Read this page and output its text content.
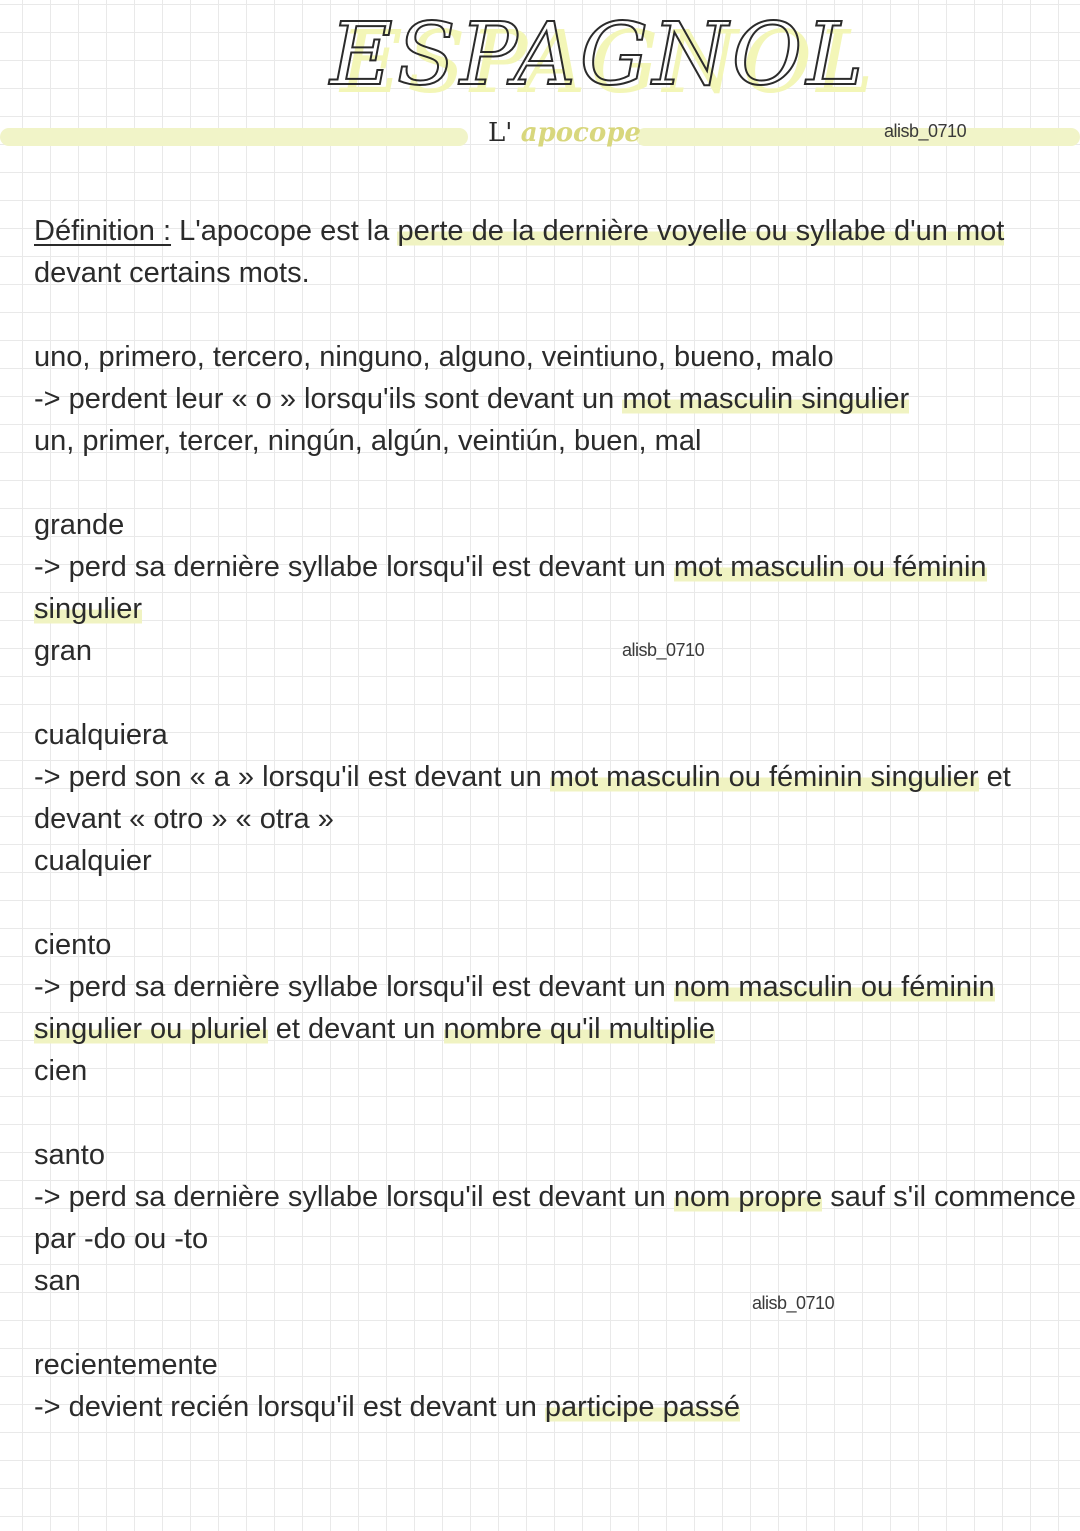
ESPAGNOL
L' apocope	alisb_0710
alisb_0710
alisb_0710
Définition : L'apocope est la perte de la dernière voyelle ou syllabe d'un mot
devant certains mots.
uno, primero, tercero, ninguno, alguno, veintiuno, bueno, malo
-> perdent leur « o » lorsqu'ils sont devant un mot masculin singulier
un, primer, tercer, ningún, algún, veintiún, buen, mal
grande
-> perd sa dernière syllabe lorsqu'il est devant un mot masculin ou féminin
singulier
gran
cualquiera
-> perd son « a » lorsqu'il est devant un mot masculin ou féminin singulier et
devant « otro » « otra »
cualquier
ciento
-> perd sa dernière syllabe lorsqu'il est devant un nom masculin ou féminin
singulier ou pluriel et devant un nombre qu'il multiplie
cien
santo
-> perd sa dernière syllabe lorsqu'il est devant un nom propre sauf s'il commence
par -do ou -to
san
recientemente
-> devient recién lorsqu'il est devant un participe passé
